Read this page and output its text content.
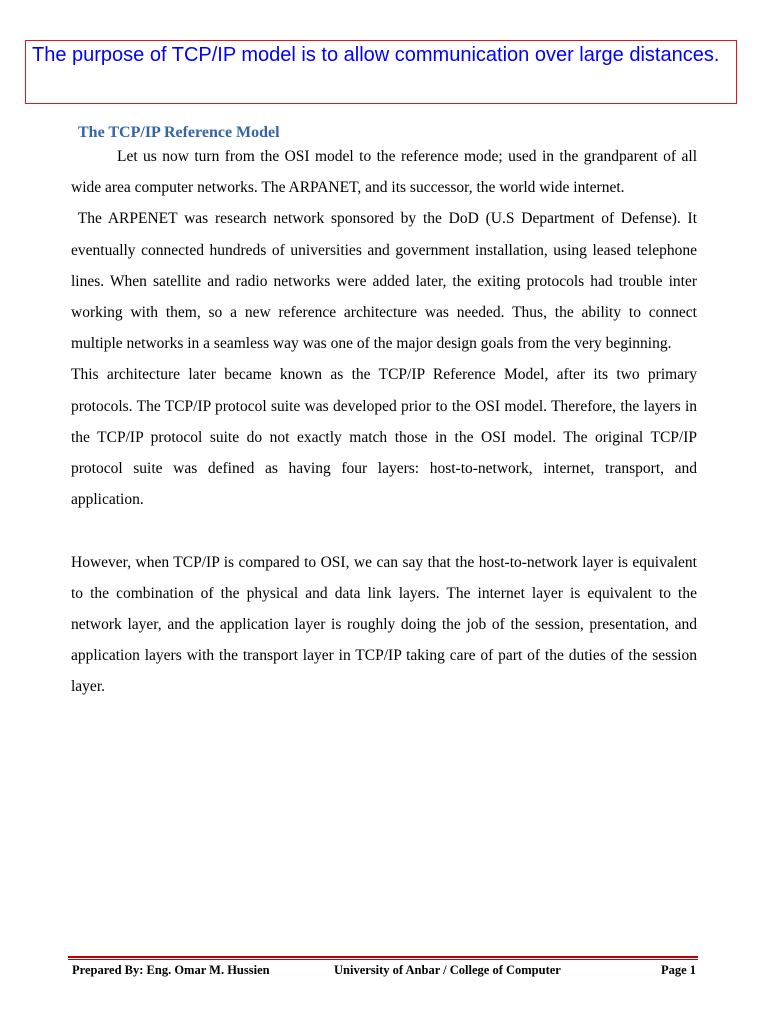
The purpose of TCP/IP model is to allow communication over large distances.

The TCP/IP Reference Model

Let us now turn from the OSI model to the reference mode; used in the grandparent of all wide area computer networks. The ARPANET, and its successor, the world wide internet.

The ARPENET was research network sponsored by the DoD (U.S Department of Defense). It eventually connected hundreds of universities and government installation, using leased telephone lines. When satellite and radio networks were added later, the exiting protocols had trouble inter working with them, so a new reference architecture was needed. Thus, the ability to connect multiple networks in a seamless way was one of the major design goals from the very beginning.

This architecture later became known as the TCP/IP Reference Model, after its two primary protocols. The TCP/IP protocol suite was developed prior to the OSI model. Therefore, the layers in the TCP/IP protocol suite do not exactly match those in the OSI model. The original TCP/IP protocol suite was defined as having four layers: host-to-network, internet, transport, and application.

However, when TCP/IP is compared to OSI, we can say that the host-to-network layer is equivalent to the combination of the physical and data link layers. The internet layer is equivalent to the network layer, and the application layer is roughly doing the job of the session, presentation, and application layers with the transport layer in TCP/IP taking care of part of the duties of the session layer.

Prepared By: Eng. Omar M. Hussien	University of Anbar / College of Computer	Page 1
